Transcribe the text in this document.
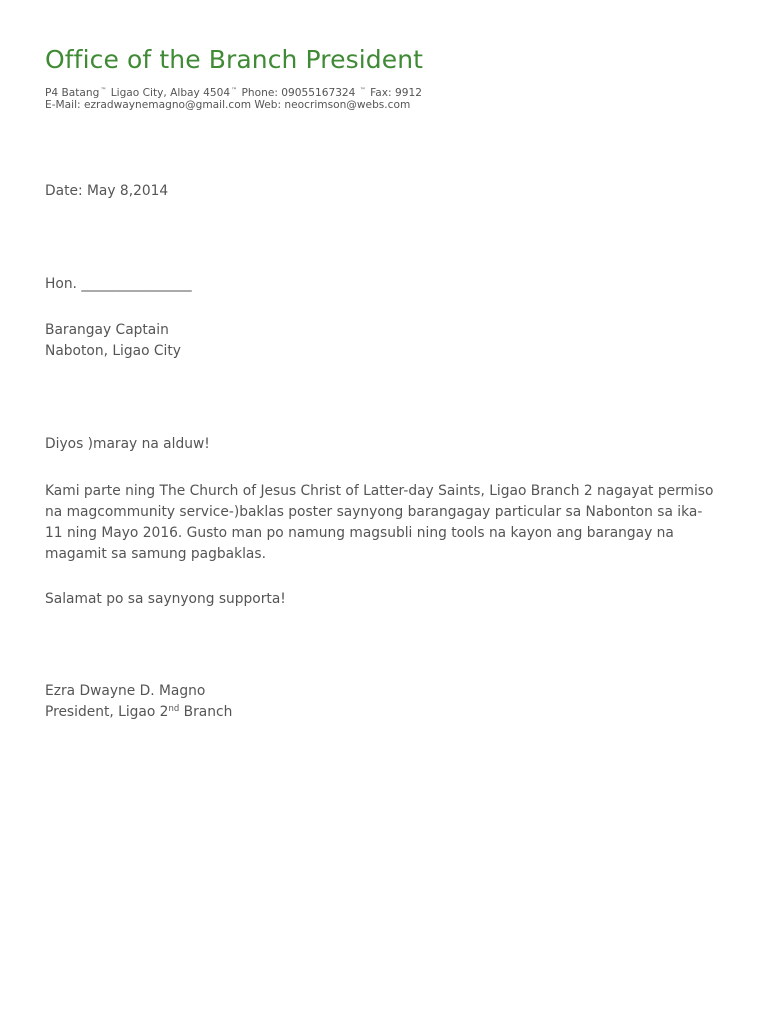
Office of the Branch President
P4 Batang™ Ligao City, Albay 4504™ Phone: 09055167324 ™ Fax: 9912
E-Mail: ezradwaynemagno@gmail.com Web: neocrimson@webs.com
Date: May 8,2014
Hon. ________________
Barangay Captain
Naboton, Ligao City
Diyos )maray na alduw!
Kami parte ning The Church of Jesus Christ of Latter-day Saints, Ligao Branch 2 nagayat permiso
na magcommunity service-)baklas poster saynyong barangagay particular sa Nabonton sa ika-
11 ning Mayo 2016. Gusto man po namung magsubli ning tools na kayon ang barangay na
magamit sa samung pagbaklas.
Salamat po sa saynyong supporta!
Ezra Dwayne D. Magno
President, Ligao 2nd Branch
